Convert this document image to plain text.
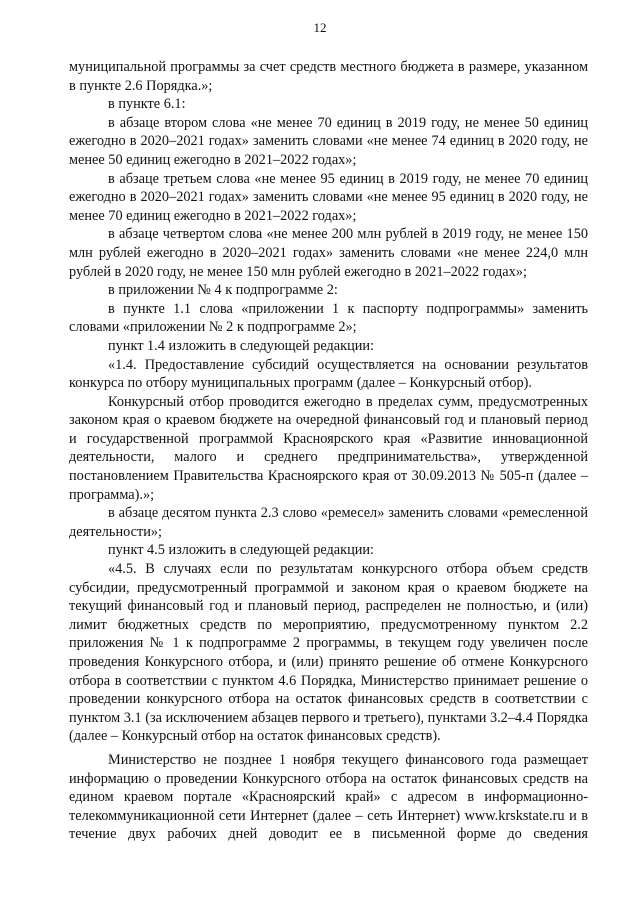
12

муниципальной программы за счет средств местного бюджета в размере, указанном в пункте 2.6 Порядка.»;

в пункте 6.1:

в абзаце втором слова «не менее 70 единиц в 2019 году, не менее 50 единиц ежегодно в 2020–2021 годах» заменить словами «не менее 74 единиц в 2020 году, не менее 50 единиц ежегодно в 2021–2022 годах»;

в абзаце третьем слова «не менее 95 единиц в 2019 году, не менее 70 единиц ежегодно в 2020–2021 годах» заменить словами «не менее 95 единиц в 2020 году, не менее 70 единиц ежегодно в 2021–2022 годах»;

в абзаце четвертом слова «не менее 200 млн рублей в 2019 году, не менее 150 млн рублей ежегодно в 2020–2021 годах» заменить словами «не менее 224,0 млн рублей в 2020 году, не менее 150 млн рублей ежегодно в 2021–2022 годах»;

в приложении № 4 к подпрограмме 2:

в пункте 1.1 слова «приложении 1 к паспорту подпрограммы» заменить словами «приложении № 2 к подпрограмме 2»;

пункт 1.4 изложить в следующей редакции:

«1.4. Предоставление субсидий осуществляется на основании результатов конкурса по отбору муниципальных программ (далее – Конкурсный отбор).

Конкурсный отбор проводится ежегодно в пределах сумм, предусмотренных законом края о краевом бюджете на очередной финансовый год и плановый период и государственной программой Красноярского края «Развитие инновационной деятельности, малого и среднего предпринимательства», утвержденной постановлением Правительства Красноярского края от 30.09.2013 № 505-п (далее – программа).»;

в абзаце десятом пункта 2.3 слово «ремесел» заменить словами «ремесленной деятельности»;

пункт 4.5 изложить в следующей редакции:

«4.5. В случаях если по результатам конкурсного отбора объем средств субсидии, предусмотренный программой и законом края о краевом бюджете на текущий финансовый год и плановый период, распределен не полностью, и (или) лимит бюджетных средств по мероприятию, предусмотренному пунктом 2.2 приложения № 1 к подпрограмме 2 программы, в текущем году увеличен после проведения Конкурсного отбора, и (или) принято решение об отмене Конкурсного отбора в соответствии с пунктом 4.6 Порядка, Министерство принимает решение о проведении конкурсного отбора на остаток финансовых средств в соответствии с пунктом 3.1 (за исключением абзацев первого и третьего), пунктами 3.2–4.4 Порядка (далее – Конкурсный отбор на остаток финансовых средств).

Министерство не позднее 1 ноября текущего финансового года размещает информацию о проведении Конкурсного отбора на остаток финансовых средств на едином краевом портале «Красноярский край» с адресом в информационно-телекоммуникационной сети Интернет (далее – сеть Интернет) www.krskstate.ru и в течение двух рабочих дней доводит ее в письменной форме до сведения
